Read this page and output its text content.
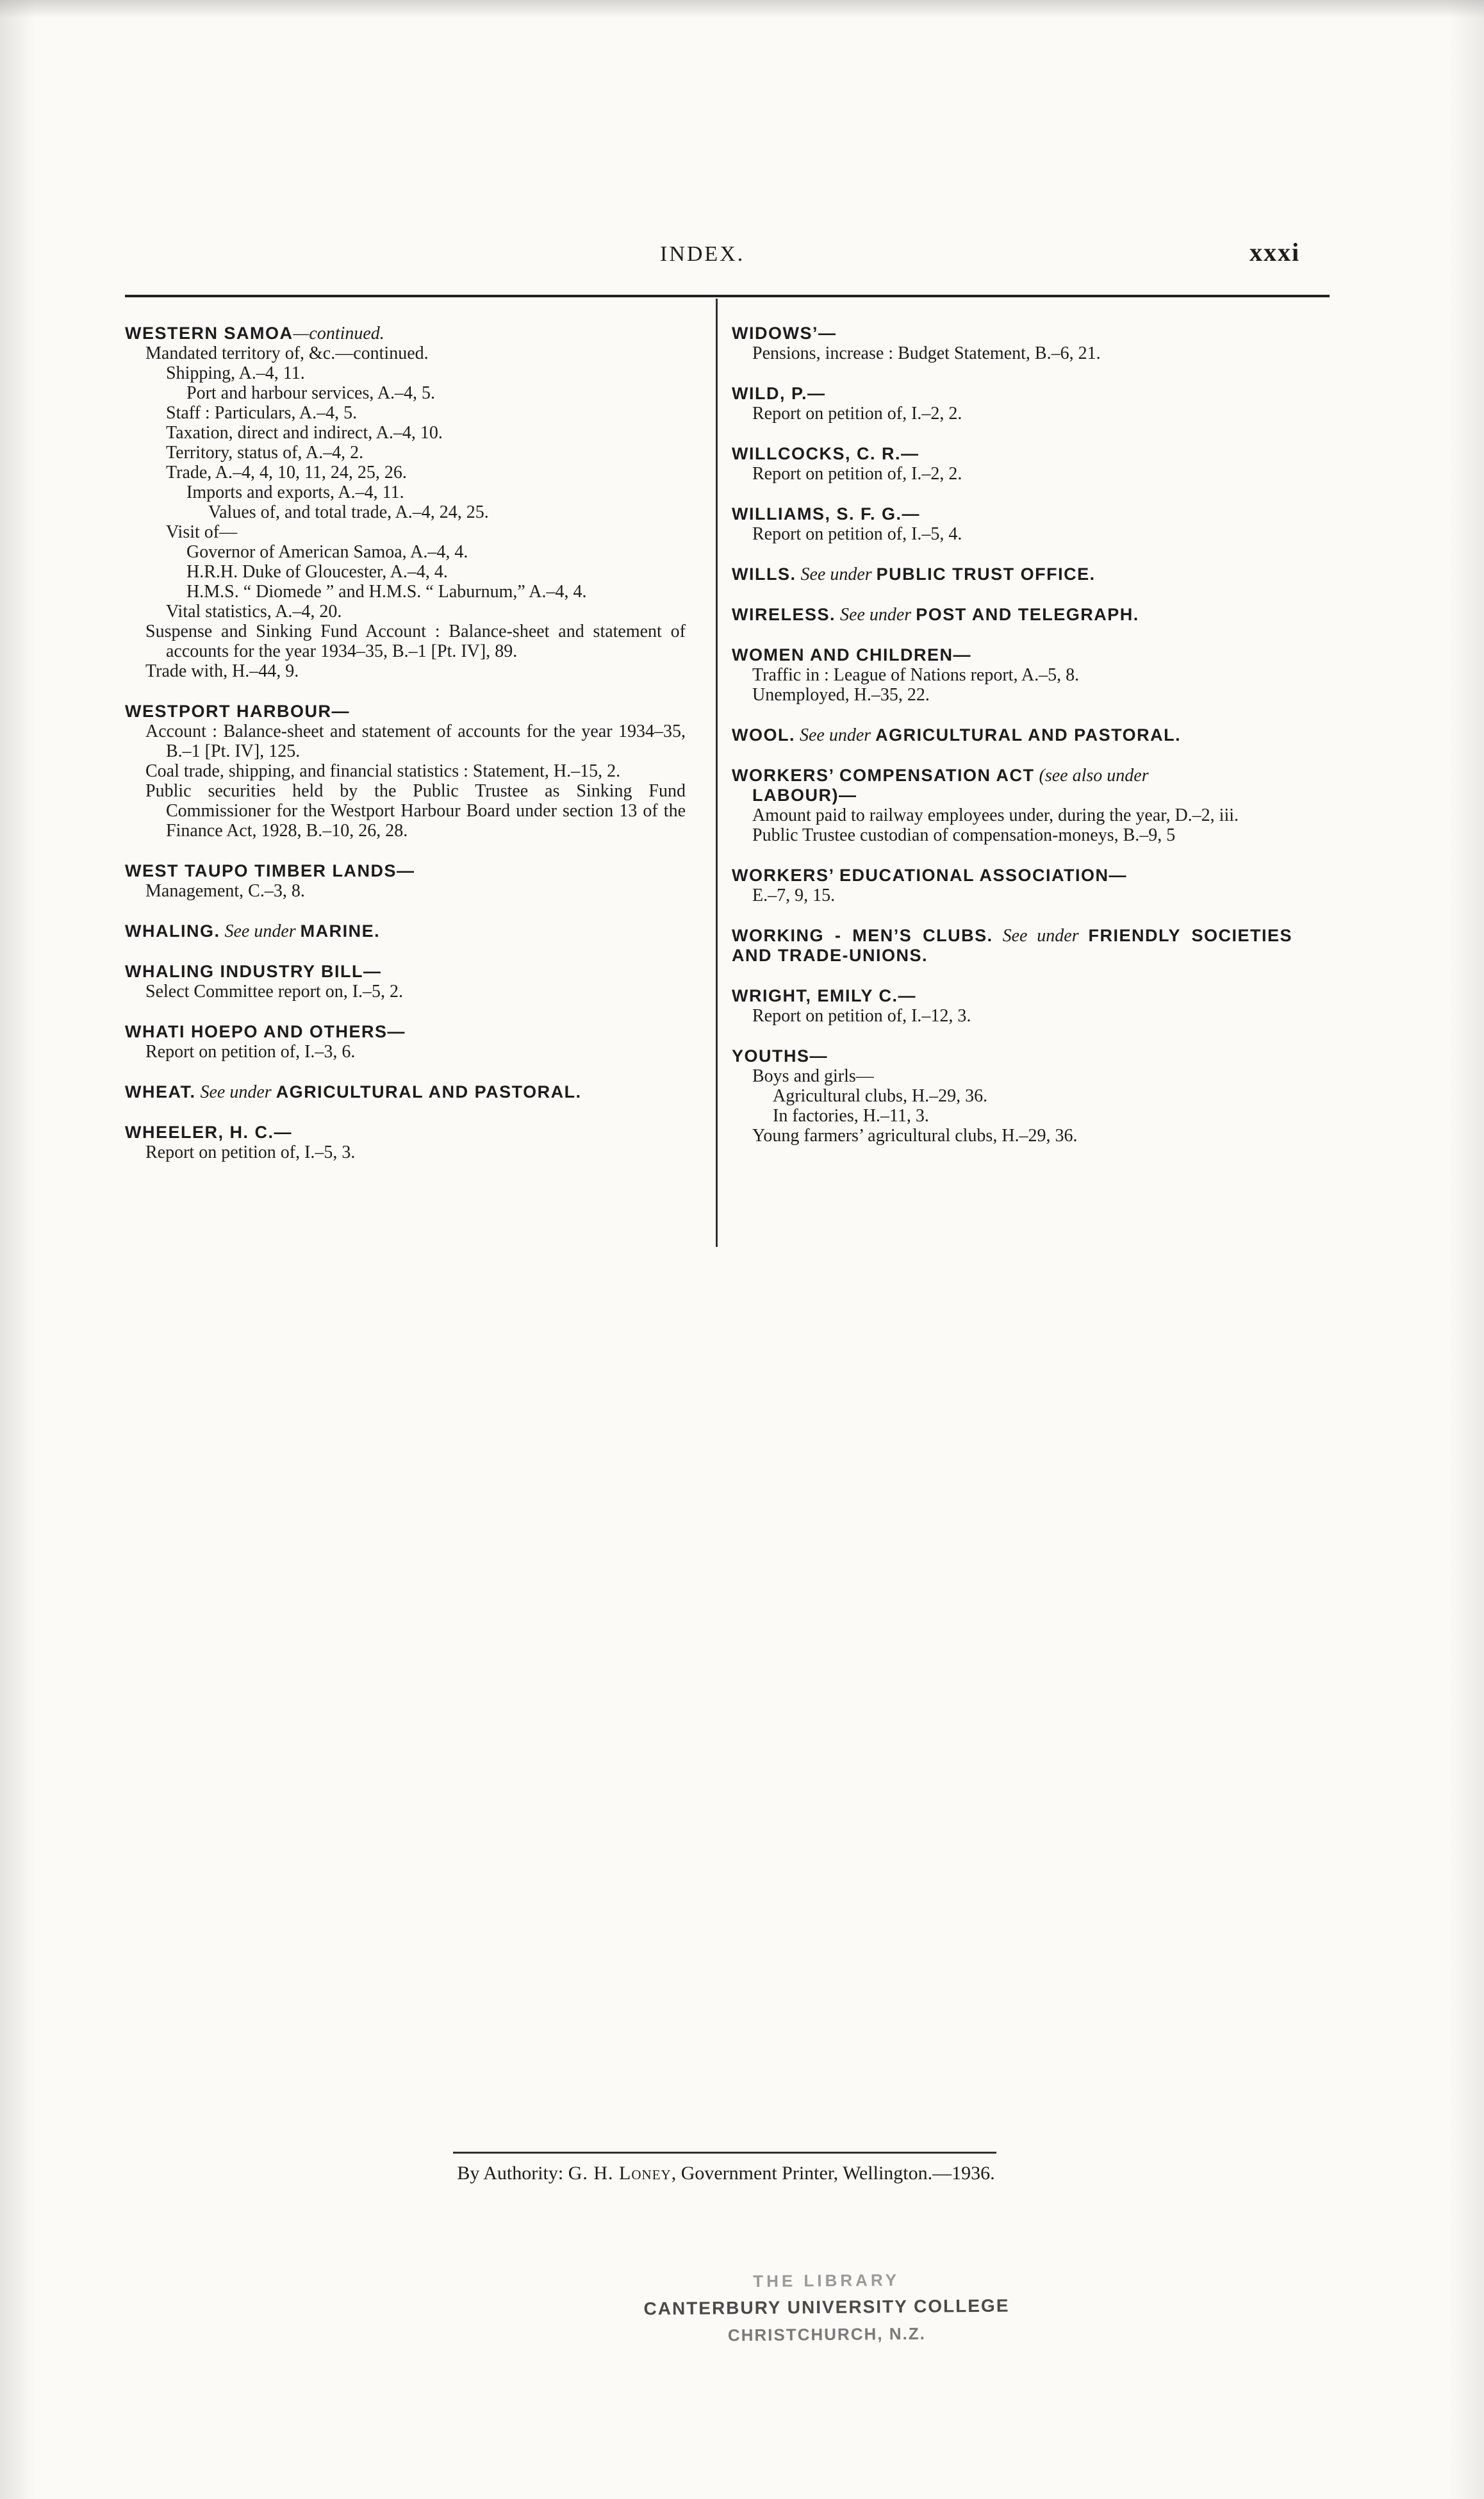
INDEX.	xxxi
WESTERN SAMOA—continued.
Mandated territory of, &c.—continued.
Shipping, A.–4, 11.
Port and harbour services, A.–4, 5.
Staff : Particulars, A.–4, 5.
Taxation, direct and indirect, A.–4, 10.
Territory, status of, A.–4, 2.
Trade, A.–4, 4, 10, 11, 24, 25, 26.
Imports and exports, A.–4, 11.
Values of, and total trade, A.–4, 24, 25.
Visit of—
Governor of American Samoa, A.–4, 4.
H.R.H. Duke of Gloucester, A.–4, 4.
H.M.S. “ Diomede ” and H.M.S. “ Laburnum,” A.–4, 4.
Vital statistics, A.–4, 20.
Suspense and Sinking Fund Account : Balance-sheet and statement of accounts for the year 1934–35, B.–1 [Pt. IV], 89.
Trade with, H.–44, 9.
WESTPORT HARBOUR—
Account : Balance-sheet and statement of accounts for the year 1934–35, B.–1 [Pt. IV], 125.
Coal trade, shipping, and financial statistics : Statement, H.–15, 2.
Public securities held by the Public Trustee as Sinking Fund Commissioner for the Westport Harbour Board under section 13 of the Finance Act, 1928, B.–10, 26, 28.
WEST TAUPO TIMBER LANDS—
Management, C.–3, 8.
WHALING. See under MARINE.
WHALING INDUSTRY BILL—
Select Committee report on, I.–5, 2.
WHATI HOEPO AND OTHERS—
Report on petition of, I.–3, 6.
WHEAT. See under AGRICULTURAL AND PASTORAL.
WHEELER, H. C.—
Report on petition of, I.–5, 3.
WIDOWS’—
Pensions, increase : Budget Statement, B.–6, 21.
WILD, P.—
Report on petition of, I.–2, 2.
WILLCOCKS, C. R.—
Report on petition of, I.–2, 2.
WILLIAMS, S. F. G.—
Report on petition of, I.–5, 4.
WILLS. See under PUBLIC TRUST OFFICE.
WIRELESS. See under POST AND TELEGRAPH.
WOMEN AND CHILDREN—
Traffic in : League of Nations report, A.–5, 8.
Unemployed, H.–35, 22.
WOOL. See under AGRICULTURAL AND PASTORAL.
WORKERS’ COMPENSATION ACT (see also under
LABOUR)—
Amount paid to railway employees under, during the year, D.–2, iii.
Public Trustee custodian of compensation-moneys, B.–9, 5
WORKERS’ EDUCATIONAL ASSOCIATION—
E.–7, 9, 15.
WORKING - MEN’S CLUBS. See under FRIENDLY SOCIETIES AND TRADE-UNIONS.
WRIGHT, EMILY C.—
Report on petition of, I.–12, 3.
YOUTHS—
Boys and girls—
Agricultural clubs, H.–29, 36.
In factories, H.–11, 3.
Young farmers’ agricultural clubs, H.–29, 36.
By Authority: G. H. Loney, Government Printer, Wellington.—1936.
THE LIBRARY
CANTERBURY UNIVERSITY COLLEGE
CHRISTCHURCH, N.Z.
